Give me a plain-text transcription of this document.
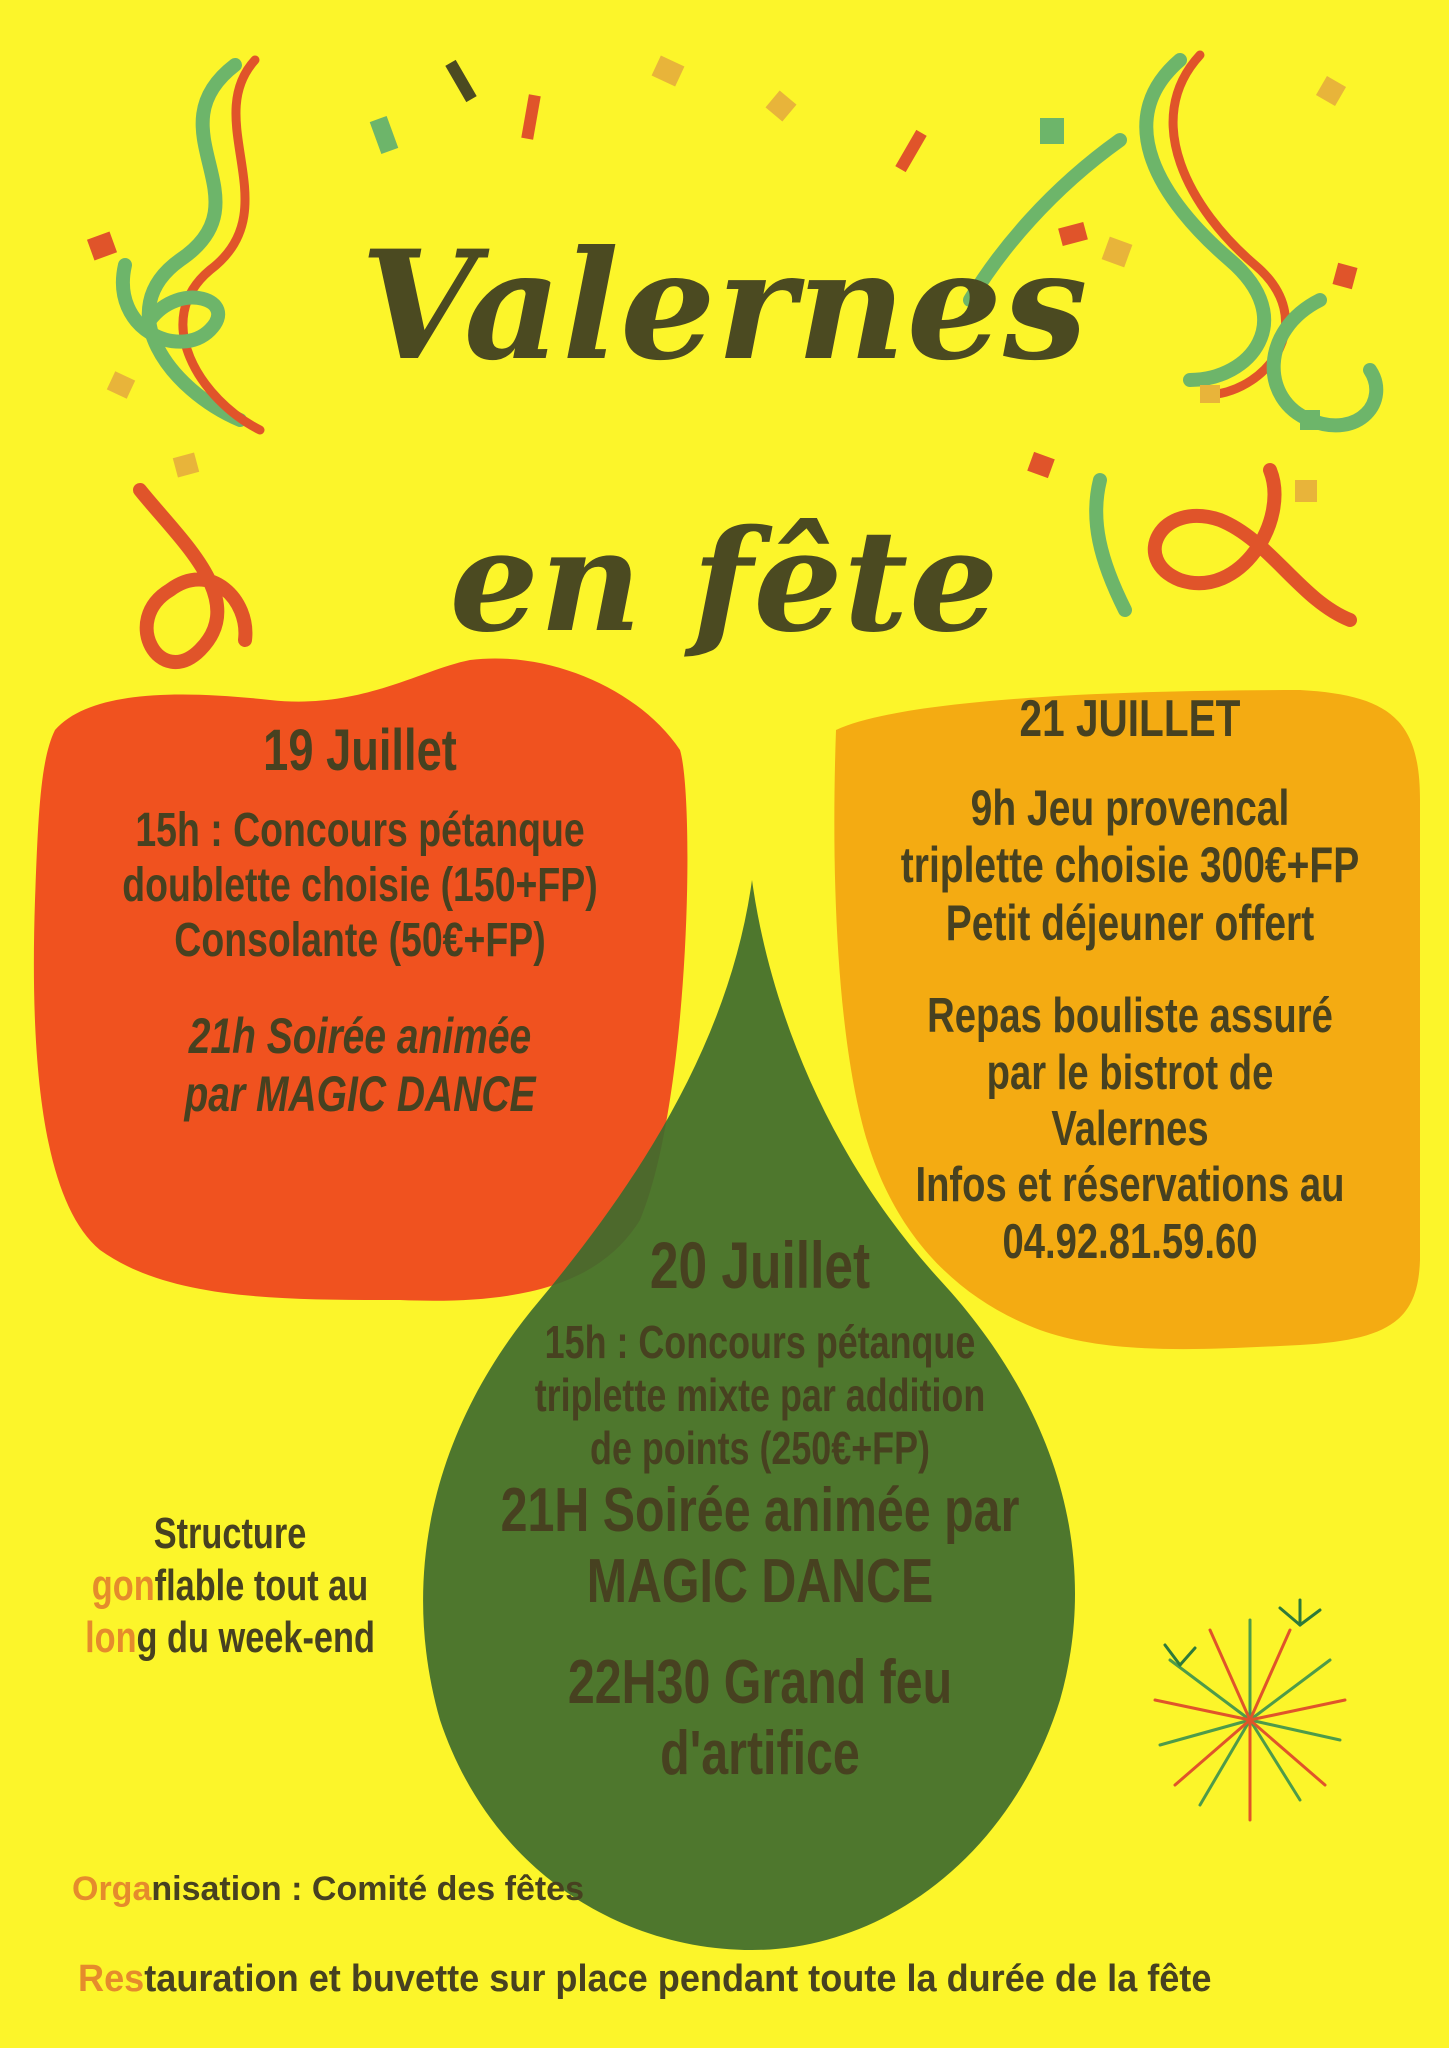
Valernes
en fête
19 Juillet
15h : Concours pétanque
doublette choisie (150+FP)
Consolante (50€+FP)
21h Soirée animée
par MAGIC DANCE
21 JUILLET
9h Jeu provencal
triplette choisie 300€+FP
Petit déjeuner offert
Repas bouliste assuré
par le bistrot de
Valernes
Infos et réservations au
04.92.81.59.60
20 Juillet
15h : Concours pétanque
triplette mixte par addition
de points (250€+FP)
21H Soirée animée par
MAGIC DANCE
22H30 Grand feu
d'artifice
Structure
gonflable tout au
long du week-end
Organisation : Comité des fêtes
Restauration et buvette sur place pendant toute la durée de la fête
